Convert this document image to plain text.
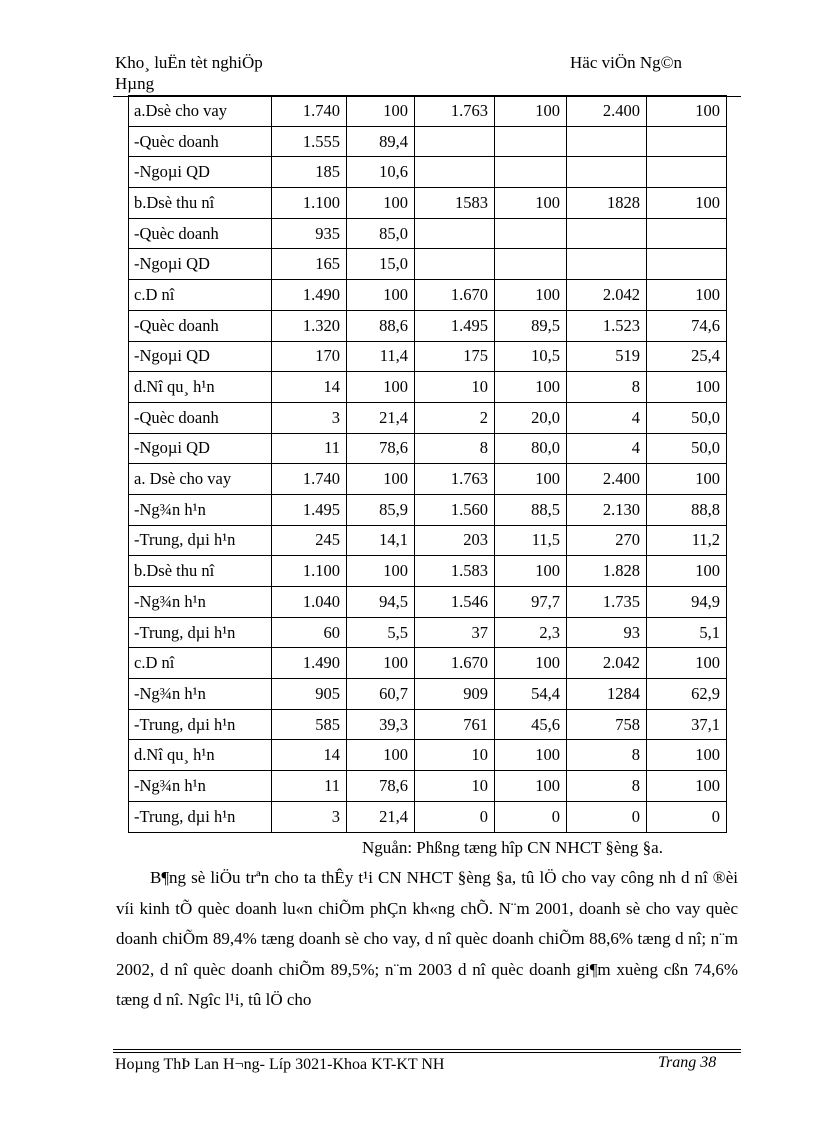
Kho¸ luËn tèt nghiÖp
Hµng
Häc viÖn Ng©n
a.Dsè cho vay	1.740	100	1.763	100	2.400	100
-Quèc doanh	1.555	89,4				
-Ngoµi QD	185	10,6				
b.Dsè thu nî	1.100	100	1583	100	1828	100
-Quèc doanh	935	85,0				
-Ngoµi QD	165	15,0				
c.D nî	1.490	100	1.670	100	2.042	100
-Quèc doanh	1.320	88,6	1.495	89,5	1.523	74,6
-Ngoµi QD	170	11,4	175	10,5	519	25,4
d.Nî qu¸ h¹n	14	100	10	100	8	100
-Quèc doanh	3	21,4	2	20,0	4	50,0
-Ngoµi QD	11	78,6	8	80,0	4	50,0
a. Dsè cho vay	1.740	100	1.763	100	2.400	100
-Ng¾n h¹n	1.495	85,9	1.560	88,5	2.130	88,8
-Trung, dµi h¹n	245	14,1	203	11,5	270	11,2
b.Dsè thu nî	1.100	100	1.583	100	1.828	100
-Ng¾n h¹n	1.040	94,5	1.546	97,7	1.735	94,9
-Trung, dµi h¹n	60	5,5	37	2,3	93	5,1
c.D nî	1.490	100	1.670	100	2.042	100
-Ng¾n h¹n	905	60,7	909	54,4	1284	62,9
-Trung, dµi h¹n	585	39,3	761	45,6	758	37,1
d.Nî qu¸ h¹n	14	100	10	100	8	100
-Ng¾n h¹n	11	78,6	10	100	8	100
-Trung, dµi h¹n	3	21,4	0	0	0	0
Nguån: Phßng tæng hîp CN NHCT §èng §a.

B¶ng sè liÖu trªn cho ta thÊy t¹i CN NHCT §èng §a, tû lÖ cho vay công nh d nî ®èi víi kinh tÕ quèc doanh lu«n chiÕm phÇn kh«ng chÕ. N¨m 2001, doanh sè cho vay quèc doanh chiÕm 89,4% tæng doanh sè cho vay, d nî quèc doanh chiÕm 88,6% tæng d nî; n¨m 2002, d nî quèc doanh chiÕm 89,5%; n¨m 2003 d nî quèc doanh gi¶m xuèng cßn 74,6% tæng d nî. Ngîc l¹i, tû lÖ cho

Hoµng ThÞ Lan H¬ng- Líp 3021-Khoa KT-KT NH	Trang 38
